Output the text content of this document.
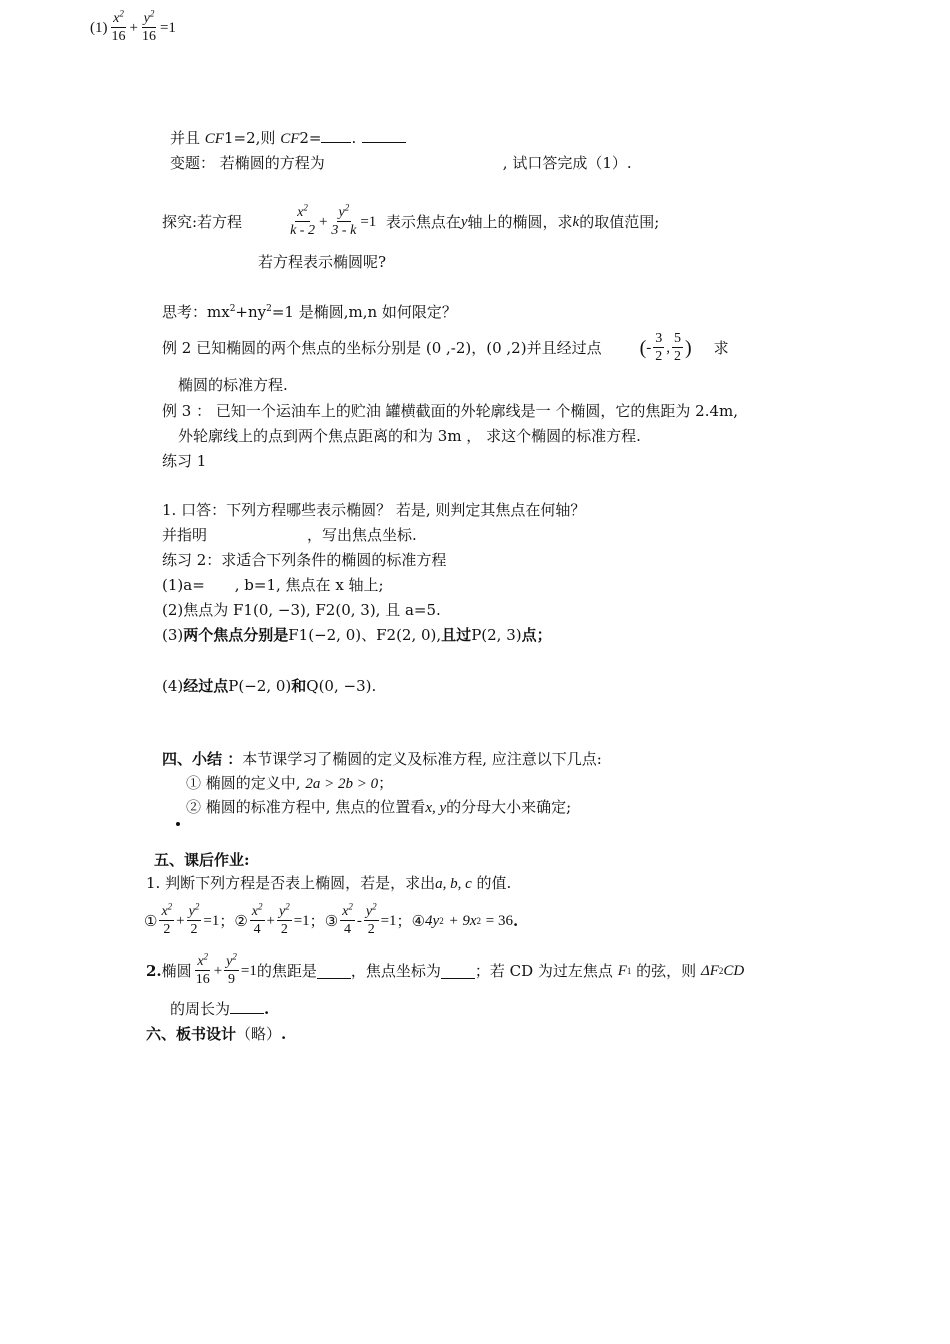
$(1) \frac{x^2}{16} + \frac{y^2}{16} =1$
并且 CF1=2,则 CF2= .
变题： 若椭圆的方程为	, 试口答完成（1）.
探究:若方程	$\frac{x^2}{k - 2} + \frac{y^2}{3 - k} =1$
表示焦点在 y 轴上的椭圆，求 k 的取值范围;
若方程表示椭圆呢?
思考：$mx^2+ny^2=1$ 是椭圆,m,n 如何限定？
例 2 已知椭圆的两个焦点的坐标分别是 (0 ,-2)，(0 ,2)并且经过点 ( - $\frac{3}{2}$ , $\frac{5}{2}$ ) 求
椭圆的标准方程.
例 3 ： 已知一个运油车上的贮油 罐横截面的外轮廓线是一 个椭圆，它的焦距为 2.4m,
外轮廓线上的点到两个焦点距离的和为 3m ， 求这个椭圆的标准方程.
练习 1
1. 口答：下列方程哪些表示椭圆？ 若是, 则判定其焦点在何轴？
并指明	，写出焦点坐标.
练习 2：求适合下列条件的椭圆的标准方程
(1)a= , b=1, 焦点在 x 轴上;
(2)焦点为 F1(0, −3), F2(0, 3), 且 a=5.
(3)两个焦点分别是F1(−2, 0)、F2(2, 0),且过P(2, 3)点；
(4)经过点P(−2, 0)和Q(0, −3).
四、小结 ：本节课学习了椭圆的定义及标准方程, 应注意以下几点:
① 椭圆的定义中, 2a > 2b > 0；
② 椭圆的标准方程中, 焦点的位置看x, y的分母大小来确定;
五、课后作业:
1. 判断下列方程是否表上椭圆，若是，求出a, b, c 的值.
① $\frac{x^2}{2} + \frac{y^2}{2} =1$ ； ② $\frac{x^2}{4} + \frac{y^2}{2} =1$ ； ③ $\frac{x^2}{4} - \frac{y^2}{2} =1$ ； ④ 4y 2
+ 9x 2
= 36 .
2. 椭圆 $\frac{x^2}{16} + \frac{y^2}{9} =1$ 的焦距是 ，焦点坐标为 ；若 CD 为过左焦点
F 1
的弦，则
ΔF 2 CD
的周长为 .
六、板书设计（略）.
